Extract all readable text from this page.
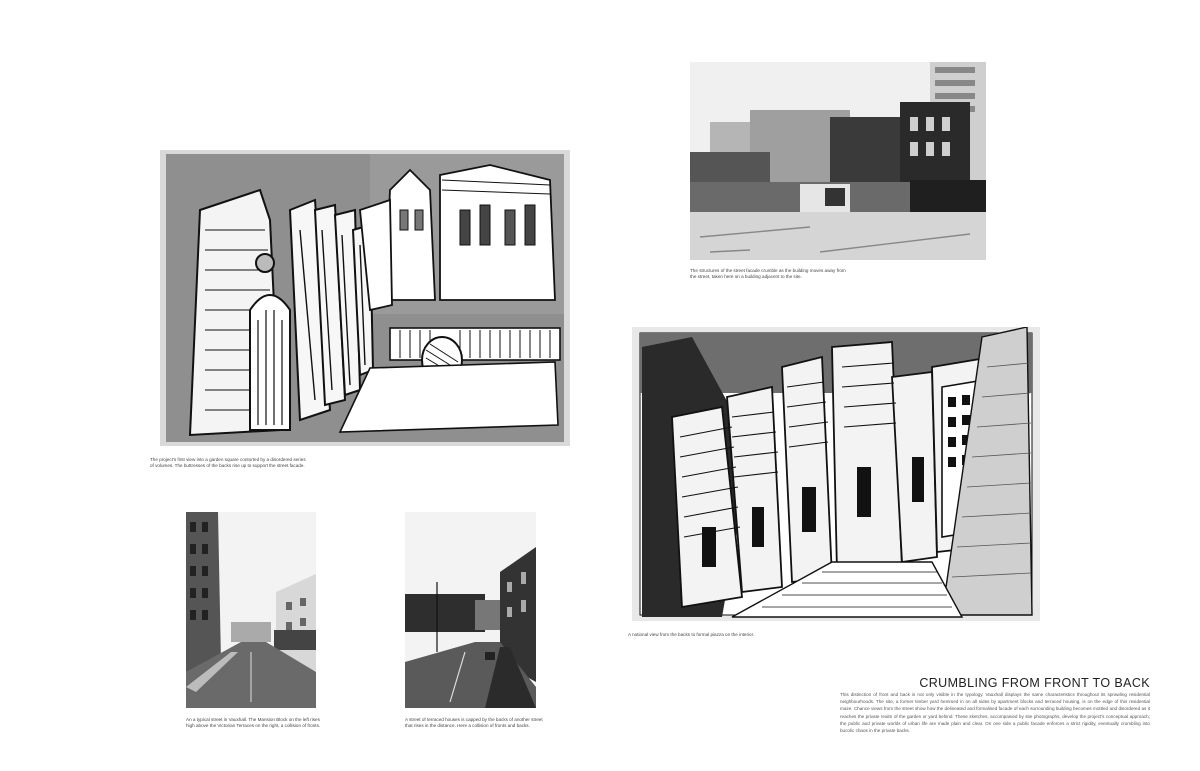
The project's first view into a garden square contorted by a disordered series of volumes. The buttresses of the backs rise up to support the street facade.
The structures of the street facade crumble as the building moves away from the street, taken here on a building adjacent to the site.
A notional view from the backs to formal piazza on the interior.
An a typical street in Vauxhall. The Mansion Block on the left rises high above the Victorian Terraces on the right, a collision of fronts.
A street of terraced houses is capped by the backs of another street that rises in the distance. Here a collision of fronts and backs.
CRUMBLING FROM FRONT TO BACK
This distinction of front and back is not only visible in the typology. Vauxhall displays the same characteristics throughout its sprawling residential neighbourhoods. The site, a former timber yard hemmed in on all sides by apartment blocks and terraced housing, is on the edge of this residential maze. Chance views from the street show how the delineated and formalised facade of each surrounding building becomes mottled and disordered as it reaches the private realm of the garden or yard behind. These sketches, accompanied by site photographs, develop the project's conceptual approach; the public and private worlds of urban life are made plain and clear. On one side a public facade enforces a strict rigidity, eventually crumbling into bucolic chaos in the private backs.
